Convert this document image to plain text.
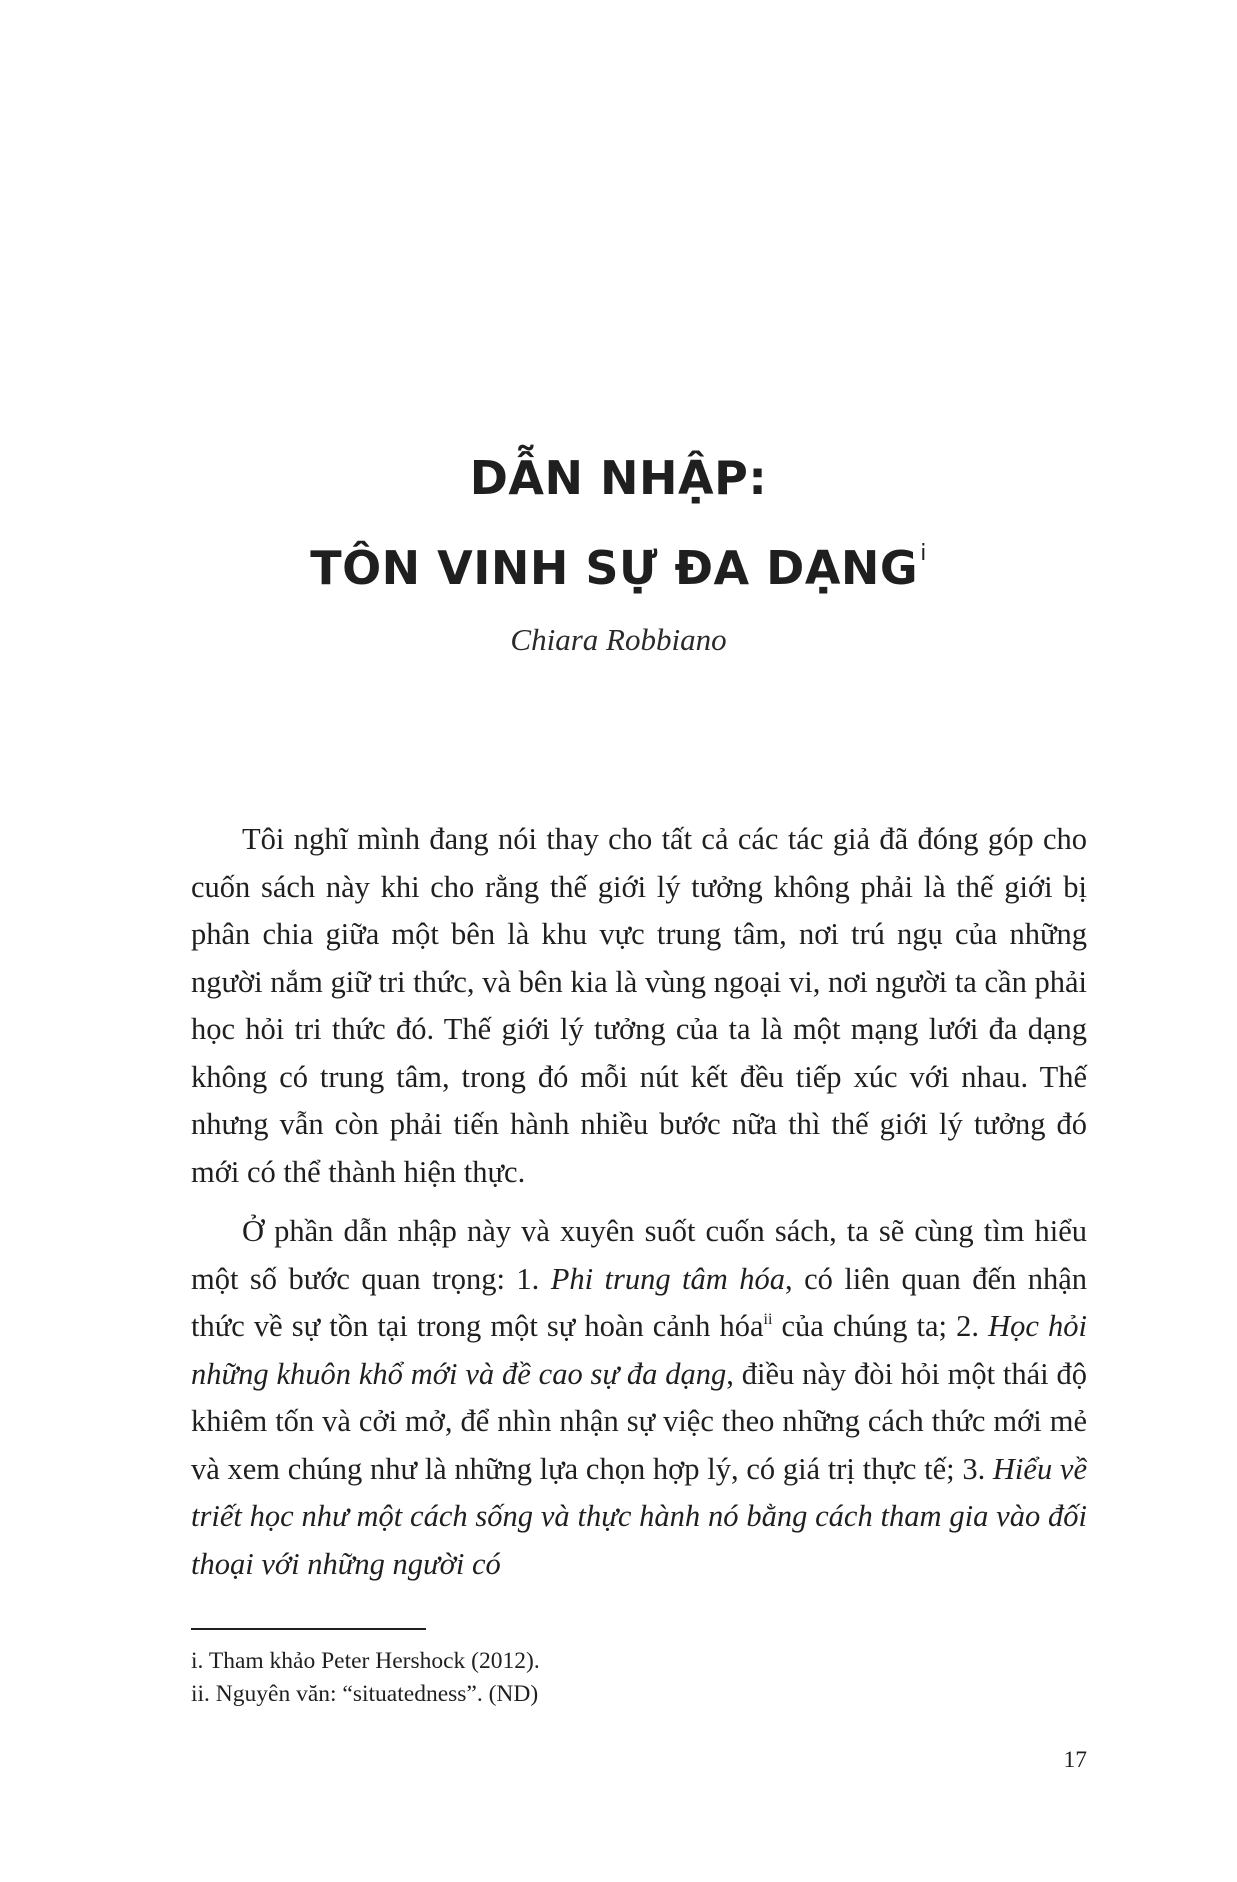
DẪN NHẬP:
TÔN VINH SỰ ĐA DẠNG$^i$
Chiara Robbiano

Tôi nghĩ mình đang nói thay cho tất cả các tác giả đã đóng góp cho cuốn sách này khi cho rằng thế giới lý tưởng không phải là thế giới bị phân chia giữa một bên là khu vực trung tâm, nơi trú ngụ của những người nắm giữ tri thức, và bên kia là vùng ngoại vi, nơi người ta cần phải học hỏi tri thức đó. Thế giới lý tưởng của ta là một mạng lưới đa dạng không có trung tâm, trong đó mỗi nút kết đều tiếp xúc với nhau. Thế nhưng vẫn còn phải tiến hành nhiều bước nữa thì thế giới lý tưởng đó mới có thể thành hiện thực.

Ở phần dẫn nhập này và xuyên suốt cuốn sách, ta sẽ cùng tìm hiểu một số bước quan trọng: 1. Phi trung tâm hóa, có liên quan đến nhận thức về sự tồn tại trong một sự hoàn cảnh hóa$^{ii}$ của chúng ta; 2. Học hỏi những khuôn khổ mới và đề cao sự đa dạng, điều này đòi hỏi một thái độ khiêm tốn và cởi mở, để nhìn nhận sự việc theo những cách thức mới mẻ và xem chúng như là những lựa chọn hợp lý, có giá trị thực tế; 3. Hiểu về triết học như một cách sống và thực hành nó bằng cách tham gia vào đối thoại với những người có

i. Tham khảo Peter Hershock (2012).
ii. Nguyên văn: “situatedness”. (ND)
17
